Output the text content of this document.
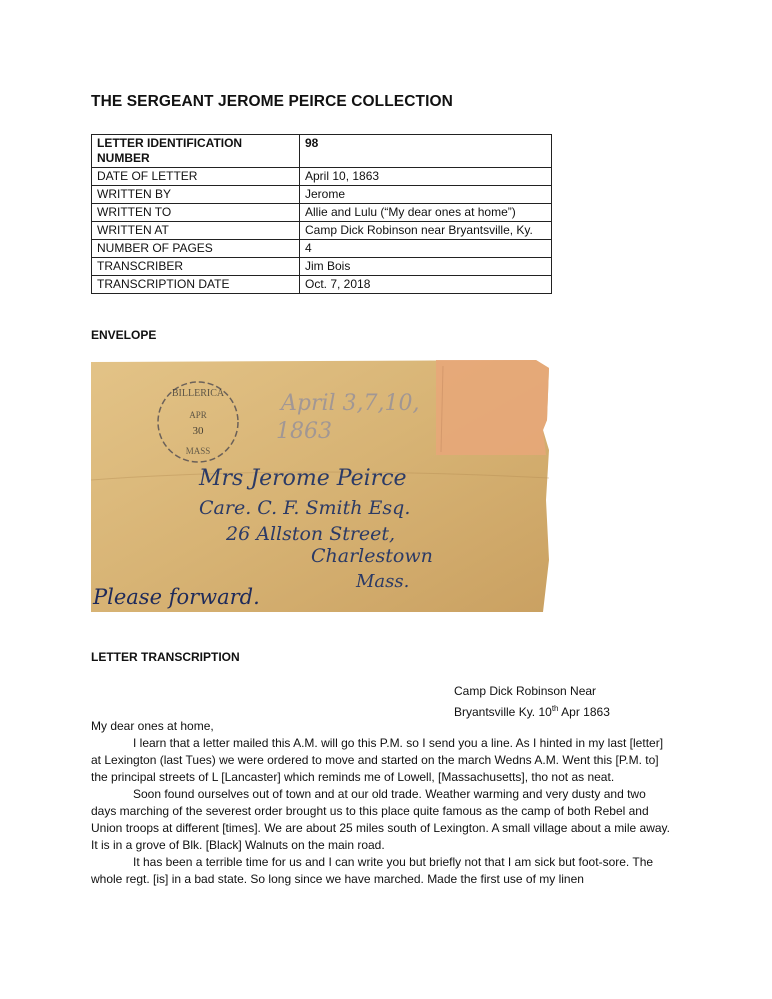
THE SERGEANT JEROME PEIRCE COLLECTION
LETTER IDENTIFICATION NUMBER	98
DATE OF LETTER	April 10, 1863
WRITTEN BY	Jerome
WRITTEN TO	Allie and Lulu (“My dear ones at home”)
WRITTEN AT	Camp Dick Robinson near Bryantsville, Ky.
NUMBER OF PAGES	4
TRANSCRIBER	Jim Bois
TRANSCRIPTION DATE	Oct. 7, 2018

ENVELOPE

BILLERICA
APR
30
MASS
April 3,7,10,
1863
Mrs Jerome Peirce
Care. C. F. Smith Esq.
26 Allston Street,
Charlestown
Mass.
Please forward.

LETTER TRANSCRIPTION

Camp Dick Robinson Near
Bryantsville Ky. 10th Apr 1863

My dear ones at home,

I learn that a letter mailed this A.M. will go this P.M. so I send you a line. As I hinted in my last [letter] at Lexington (last Tues) we were ordered to move and started on the march Wedns A.M. Went this [P.M. to] the principal streets of L [Lancaster] which reminds me of Lowell, [Massachusetts], tho not as neat.

Soon found ourselves out of town and at our old trade. Weather warming and very dusty and two days marching of the severest order brought us to this place quite famous as the camp of both Rebel and Union troops at different [times]. We are about 25 miles south of Lexington. A small village about a mile away. It is in a grove of Blk. [Black] Walnuts on the main road.

It has been a terrible time for us and I can write you but briefly not that I am sick but foot-sore. The whole regt. [is] in a bad state. So long since we have marched. Made the first use of my linen
